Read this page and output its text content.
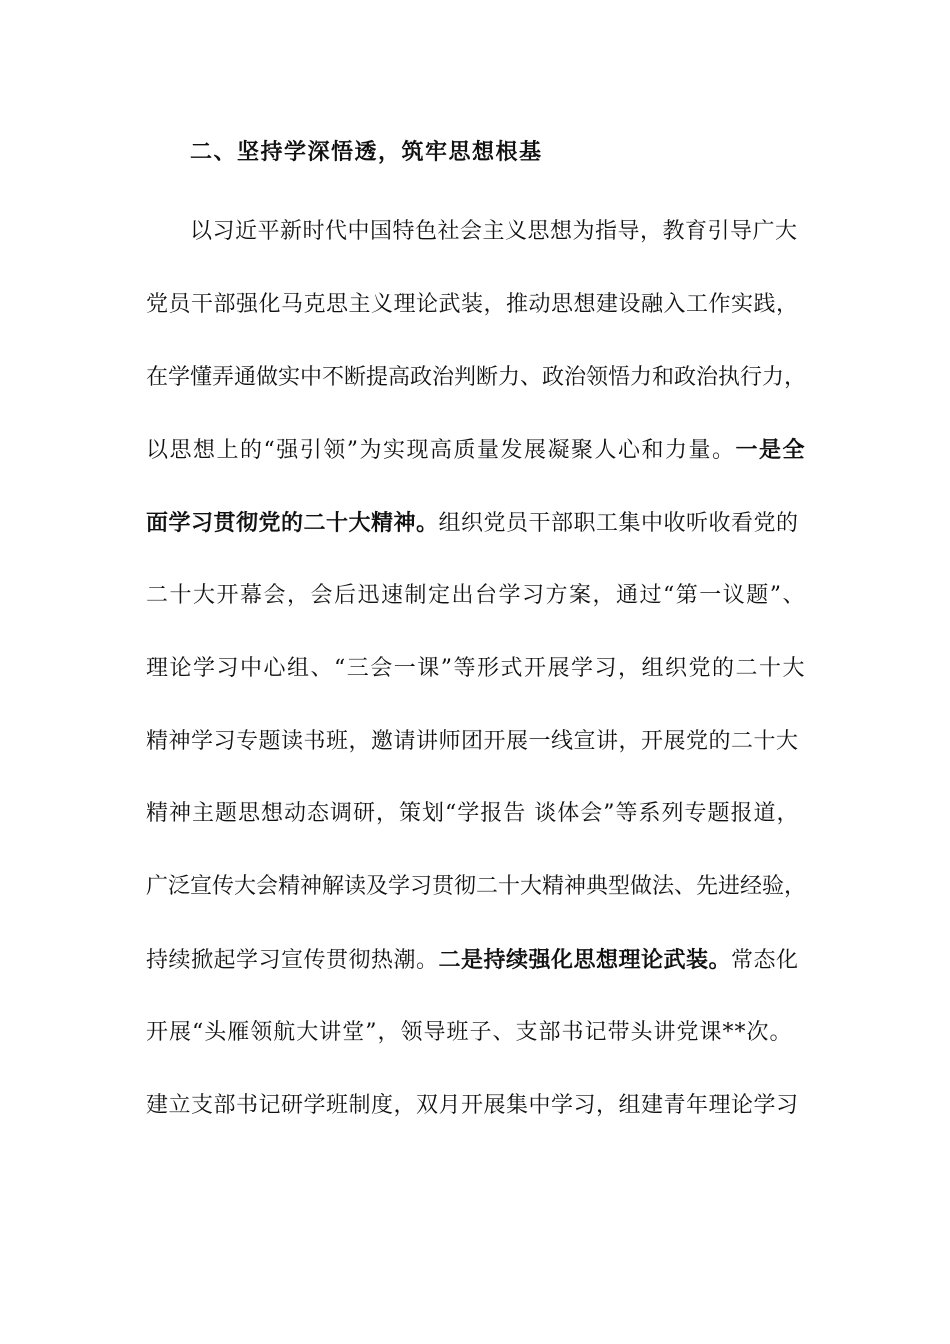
二、坚持学深悟透，筑牢思想根基
以习近平新时代中国特色社会主义思想为指导，教育引导广大
党员干部强化马克思主义理论武装，推动思想建设融入工作实践，
在学懂弄通做实中不断提高政治判断力、政治领悟力和政治执行力，
以思想上的“强引领”为实现高质量发展凝聚人心和力量。一是全
面学习贯彻党的二十大精神。组织党员干部职工集中收听收看党的
二十大开幕会，会后迅速制定出台学习方案，通过“第一议题”、
理论学习中心组、“三会一课”等形式开展学习，组织党的二十大
精神学习专题读书班，邀请讲师团开展一线宣讲，开展党的二十大
精神主题思想动态调研，策划“学报告 谈体会”等系列专题报道，
广泛宣传大会精神解读及学习贯彻二十大精神典型做法、先进经验，
持续掀起学习宣传贯彻热潮。二是持续强化思想理论武装。常态化
开展“头雁领航大讲堂”，领导班子、支部书记带头讲党课**次。
建立支部书记研学班制度，双月开展集中学习，组建青年理论学习
